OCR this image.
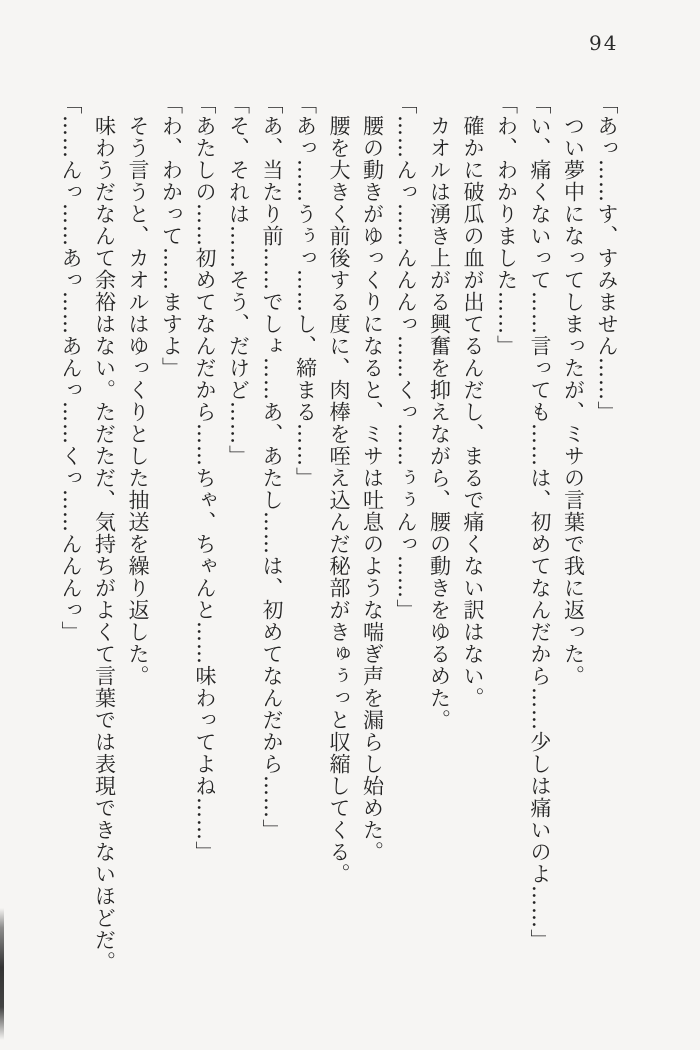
94

「あっ……す、すみません……」

つい夢中になってしまったが、ミサの言葉で我に返った。

「い、痛くないって……言っても……は、初めてなんだから……少しは痛いのよ……」

「わ、わかりました……」

確かに破瓜の血が出てるんだし、まるで痛くない訳はない。

カオルは湧き上がる興奮を抑えながら、腰の動きをゆるめた。

「……んっ……んんんっ……くっ……ぅぅんっ……」

腰の動きがゆっくりになると、ミサは吐息のような喘ぎ声を漏らし始めた。

腰を大きく前後する度に、肉棒を咥え込んだ秘部がきゅぅっと収縮してくる。

「あっ……うぅっ……し、締まる……」

「あ、当たり前……でしょ……あ、あたし……は、初めてなんだから……」

「そ、それは……そう、だけど……」

「あたしの……初めてなんだから……ちゃ、ちゃんと……味わってよね……」

「わ、わかって……ますよ」

そう言うと、カオルはゆっくりとした抽送を繰り返した。

味わうだなんて余裕はない。ただただ、気持ちがよくて言葉では表現できないほどだ。

「……んっ……あっ……あんっ……くっ……んんんっ」
